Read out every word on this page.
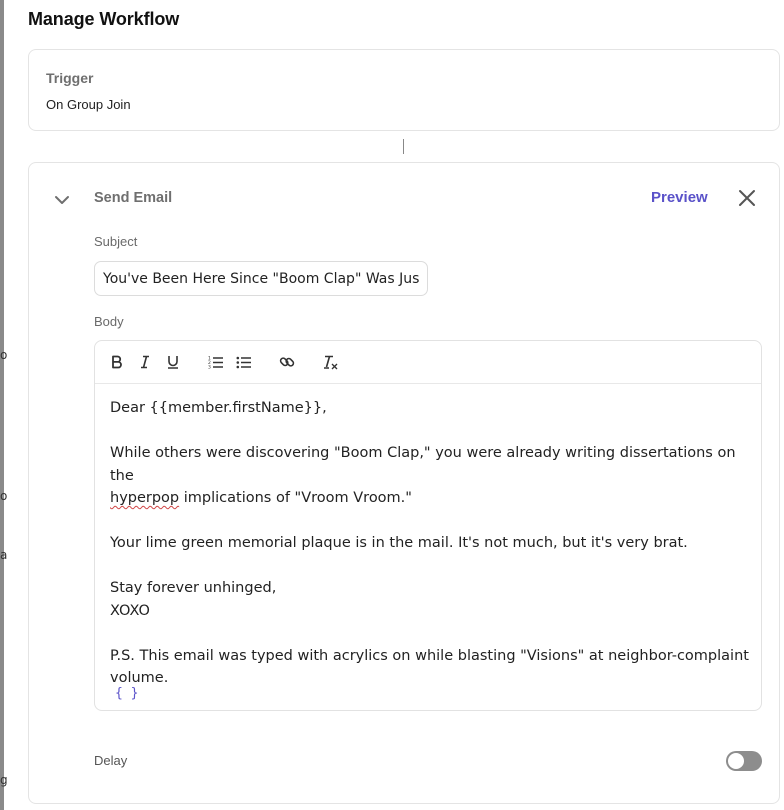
o
o
a
g
Manage Workflow
Trigger
On Group Join
Send Email	Preview
Subject
You've Been Here Since "Boom Clap" Was Just a Demo
Body
1
2
3

Dear {{member.firstName}},

While others were discovering "Boom Clap," you were already writing dissertations on the
hyperpop implications of "Vroom Vroom."

Your lime green memorial plaque is in the mail. It's not much, but it's very brat.

Stay forever unhinged,

XOXO

P.S. This email was typed with acrylics on while blasting "Visions" at neighbor-complaint volume.

{ }
Delay
